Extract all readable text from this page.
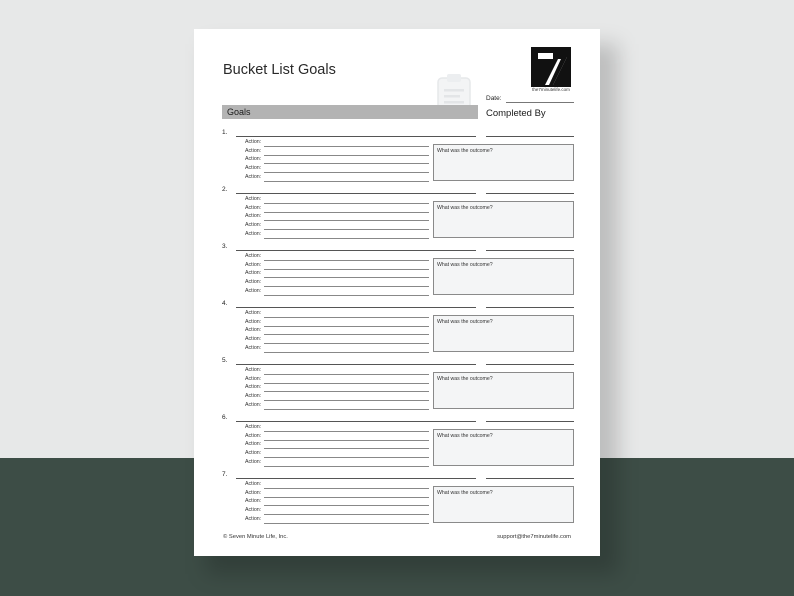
Bucket List Goals
the7minutelife.com
Date:
Goals	Completed By
1.
Action:
Action:
Action:
Action:
Action:
What was the outcome?
2.
Action:
Action:
Action:
Action:
Action:
What was the outcome?
3.
Action:
Action:
Action:
Action:
Action:
What was the outcome?
4.
Action:
Action:
Action:
Action:
Action:
What was the outcome?
5.
Action:
Action:
Action:
Action:
Action:
What was the outcome?
6.
Action:
Action:
Action:
Action:
Action:
What was the outcome?
7.
Action:
Action:
Action:
Action:
Action:
What was the outcome?
© Seven Minute Life, Inc.	support@the7minutelife.com
